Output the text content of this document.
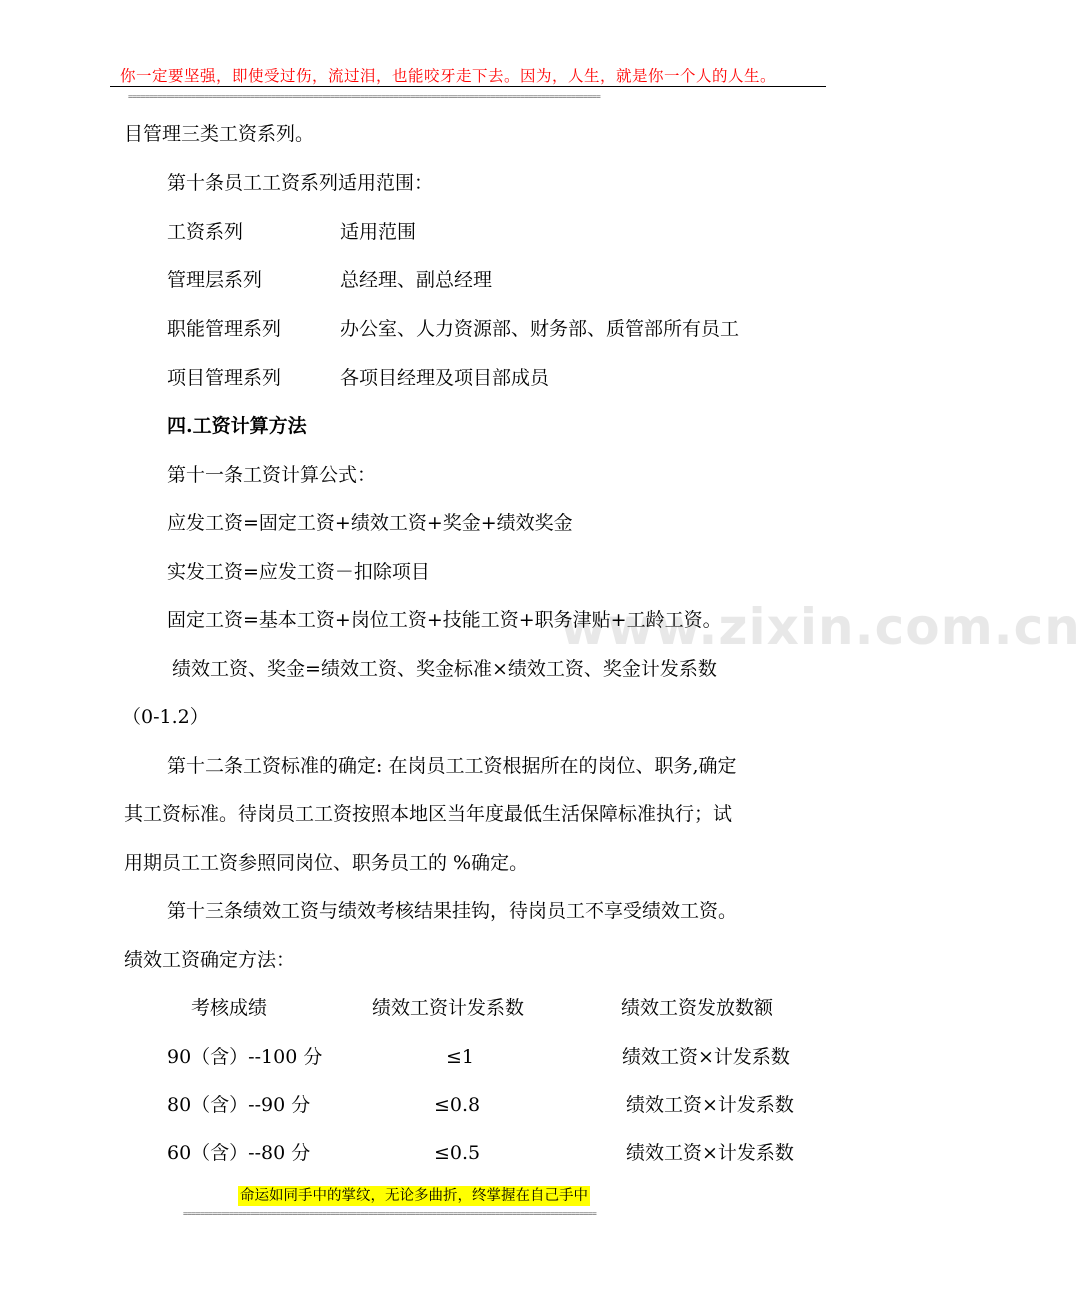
你一定要坚强，即使受过伤，流过泪，也能咬牙走下去。因为，人生，就是你一个人的人生。
================================================================================================================
www.zixin.com.cn
目管理三类工资系列。
第十条员工工资系列适用范围：
工资系列	适用范围
管理层系列	总经理、副总经理
职能管理系列	办公室、人力资源部、财务部、质管部所有员工
项目管理系列	各项目经理及项目部成员
四.工资计算方法
第十一条工资计算公式：
应发工资=固定工资+绩效工资+奖金+绩效奖金
实发工资=应发工资－扣除项目
固定工资=基本工资+岗位工资+技能工资+职务津贴+工龄工资。
绩效工资、奖金=绩效工资、奖金标准×绩效工资、奖金计发系数
（0-1.2）
第十二条工资标准的确定: 在岗员工工资根据所在的岗位、职务,确定
其工资标准。待岗员工工资按照本地区当年度最低生活保障标准执行；试
用期员工工资参照同岗位、职务员工的 %确定。
第十三条绩效工资与绩效考核结果挂钩，待岗员工不享受绩效工资。
绩效工资确定方法：
考核成绩	绩效工资计发系数	绩效工资发放数额
90（含）--100 分	≤1	绩效工资×计发系数
80（含）--90 分	≤0.8	绩效工资×计发系数
60（含）--80 分	≤0.5	绩效工资×计发系数
命运如同手中的掌纹，无论多曲折，终掌握在自己手中
==================================================================================================
